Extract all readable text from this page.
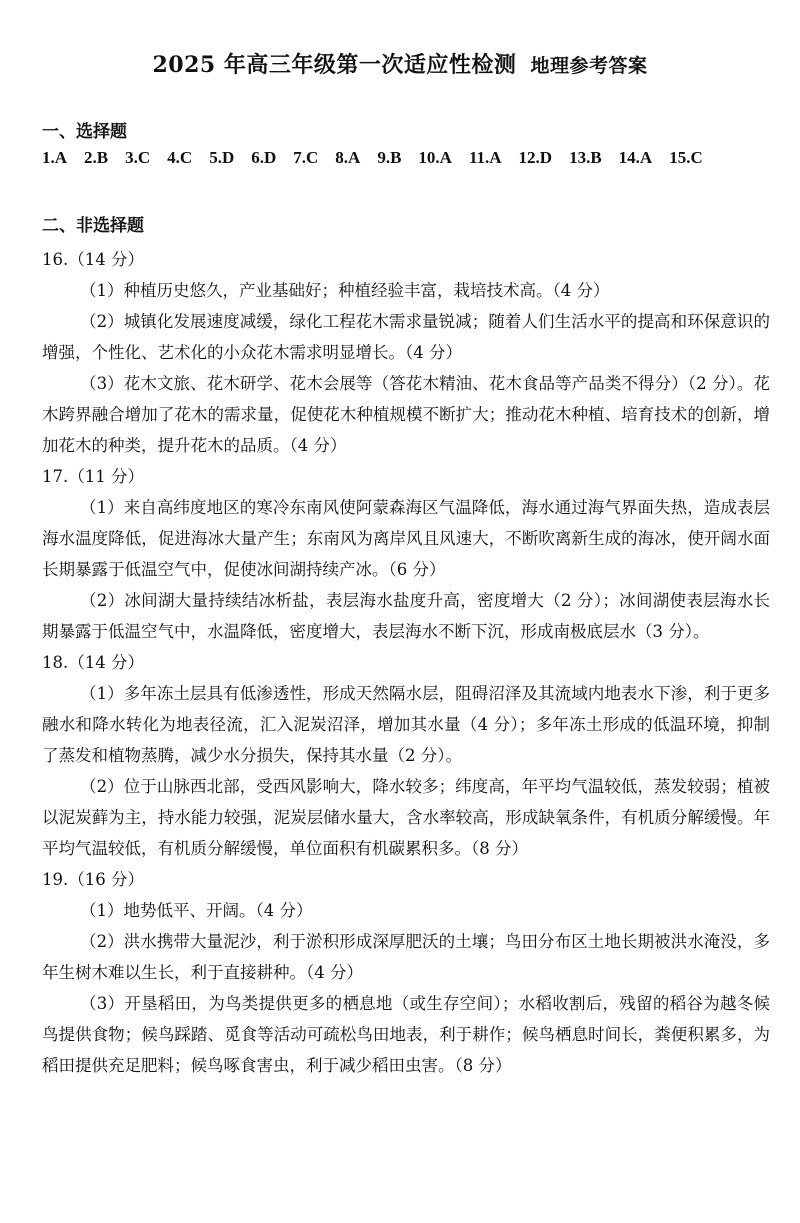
2025 年高三年级第一次适应性检测 地理参考答案
一、选择题
1.A 2.B 3.C 4.C 5.D 6.D 7.C 8.A 9.B 10.A 11.A 12.D 13.B 14.A 15.C
二、非选择题

16.（14 分）

（1）种植历史悠久，产业基础好；种植经验丰富，栽培技术高。（4 分）

（2）城镇化发展速度减缓，绿化工程花木需求量锐减；随着人们生活水平的提高和环保意识的增强，个性化、艺术化的小众花木需求明显增长。（4 分）

（3）花木文旅、花木研学、花木会展等（答花木精油、花木食品等产品类不得分）（2 分）。花木跨界融合增加了花木的需求量，促使花木种植规模不断扩大；推动花木种植、培育技术的创新，增加花木的种类，提升花木的品质。（4 分）

17.（11 分）

（1）来自高纬度地区的寒冷东南风使阿蒙森海区气温降低，海水通过海气界面失热，造成表层海水温度降低，促进海冰大量产生；东南风为离岸风且风速大，不断吹离新生成的海冰，使开阔水面长期暴露于低温空气中，促使冰间湖持续产冰。（6 分）

（2）冰间湖大量持续结冰析盐，表层海水盐度升高，密度增大（2 分）；冰间湖使表层海水长期暴露于低温空气中，水温降低，密度增大，表层海水不断下沉，形成南极底层水（3 分）。

18.（14 分）

（1）多年冻土层具有低渗透性，形成天然隔水层，阻碍沼泽及其流域内地表水下渗，利于更多融水和降水转化为地表径流，汇入泥炭沼泽，增加其水量（4 分）；多年冻土形成的低温环境，抑制了蒸发和植物蒸腾，减少水分损失，保持其水量（2 分）。

（2）位于山脉西北部，受西风影响大，降水较多；纬度高，年平均气温较低，蒸发较弱；植被以泥炭藓为主，持水能力较强，泥炭层储水量大，含水率较高，形成缺氧条件，有机质分解缓慢。年平均气温较低，有机质分解缓慢，单位面积有机碳累积多。（8 分）

19.（16 分）

（1）地势低平、开阔。（4 分）

（2）洪水携带大量泥沙，利于淤积形成深厚肥沃的土壤；鸟田分布区土地长期被洪水淹没，多年生树木难以生长，利于直接耕种。（4 分）

（3）开垦稻田，为鸟类提供更多的栖息地（或生存空间）；水稻收割后，残留的稻谷为越冬候鸟提供食物；候鸟踩踏、觅食等活动可疏松鸟田地表，利于耕作；候鸟栖息时间长，粪便积累多，为稻田提供充足肥料；候鸟啄食害虫，利于减少稻田虫害。（8 分）
